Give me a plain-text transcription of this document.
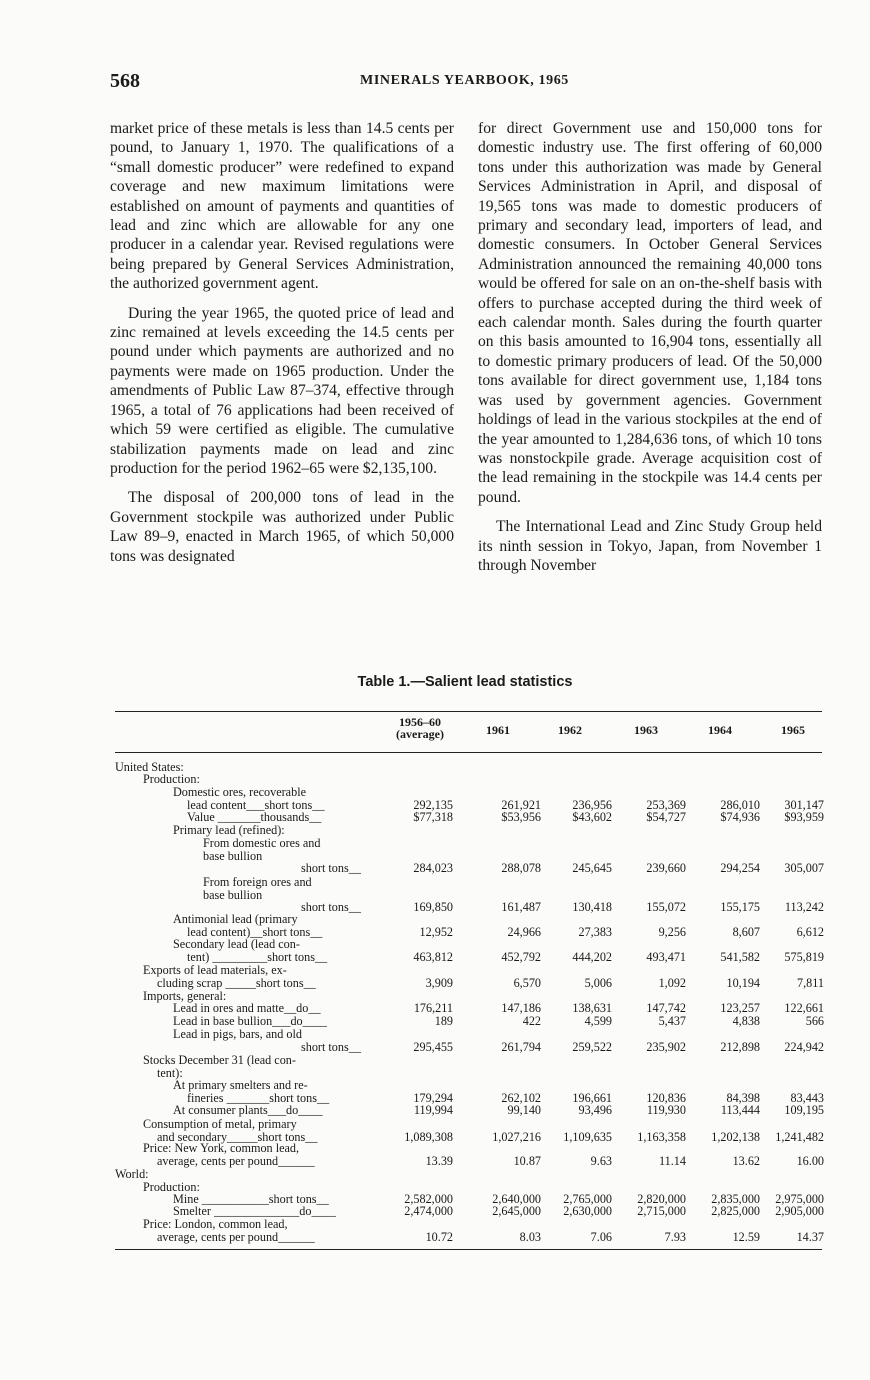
568	MINERALS YEARBOOK, 1965

market price of these metals is less than 14.5 cents per pound, to January 1, 1970. The qualifications of a “small domestic producer” were redefined to expand coverage and new maximum limitations were established on amount of payments and quantities of lead and zinc which are allowable for any one producer in a calendar year. Revised regulations were being prepared by General Services Administration, the authorized government agent.

During the year 1965, the quoted price of lead and zinc remained at levels exceeding the 14.5 cents per pound under which payments are authorized and no payments were made on 1965 production. Under the amendments of Public Law 87–374, effective through 1965, a total of 76 applications had been received of which 59 were certified as eligible. The cumulative stabilization payments made on lead and zinc production for the period 1962–65 were $2,135,100.

The disposal of 200,000 tons of lead in the Government stockpile was authorized under Public Law 89–9, enacted in March 1965, of which 50,000 tons was designated

for direct Government use and 150,000 tons for domestic industry use. The first offering of 60,000 tons under this authorization was made by General Services Administration in April, and disposal of 19,565 tons was made to domestic producers of primary and secondary lead, importers of lead, and domestic consumers. In October General Services Administration announced the remaining 40,000 tons would be offered for sale on an on-the-shelf basis with offers to purchase accepted during the third week of each calendar month. Sales during the fourth quarter on this basis amounted to 16,904 tons, essentially all to domestic primary producers of lead. Of the 50,000 tons available for direct government use, 1,184 tons was used by government agencies. Government holdings of lead in the various stockpiles at the end of the year amounted to 1,284,636 tons, of which 10 tons was nonstockpile grade. Average acquisition cost of the lead remaining in the stockpile was 14.4 cents per pound.

The International Lead and Zinc Study Group held its ninth session in Tokyo, Japan, from November 1 through November

Table 1.—Salient lead statistics
1956–60
(average)	1961	1962	1963	1964	1965
United States:
Production:
Domestic ores, recoverable
lead content___short tons__	292,135	261,921	236,956	253,369	286,010	301,147
Value _______thousands__	$77,318	$53,956	$43,602	$54,727	$74,936	$93,959
Primary lead (refined):
From domestic ores and
base bullion
short tons__	284,023	288,078	245,645	239,660	294,254	305,007
From foreign ores and
base bullion
short tons__	169,850	161,487	130,418	155,072	155,175	113,242
Antimonial lead (primary
lead content)__short tons__	12,952	24,966	27,383	9,256	8,607	6,612
Secondary lead (lead con-
tent) _________short tons__	463,812	452,792	444,202	493,471	541,582	575,819
Exports of lead materials, ex-
cluding scrap _____short tons__	3,909	6,570	5,006	1,092	10,194	7,811
Imports, general:
Lead in ores and matte__do__	176,211	147,186	138,631	147,742	123,257	122,661
Lead in base bullion___do____	189	422	4,599	5,437	4,838	566
Lead in pigs, bars, and old
short tons__	295,455	261,794	259,522	235,902	212,898	224,942
Stocks December 31 (lead con-
tent):
At primary smelters and re-
fineries _______short tons__	179,294	262,102	196,661	120,836	84,398	83,443
At consumer plants___do____	119,994	99,140	93,496	119,930	113,444	109,195
Consumption of metal, primary
and secondary_____short tons__	1,089,308	1,027,216	1,109,635	1,163,358	1,202,138	1,241,482
Price: New York, common lead,
average, cents per pound______	13.39	10.87	9.63	11.14	13.62	16.00
World:
Production:
Mine ___________short tons__	2,582,000	2,640,000	2,765,000	2,820,000	2,835,000	2,975,000
Smelter ______________do____	2,474,000	2,645,000	2,630,000	2,715,000	2,825,000	2,905,000
Price: London, common lead,
average, cents per pound______	10.72	8.03	7.06	7.93	12.59	14.37
